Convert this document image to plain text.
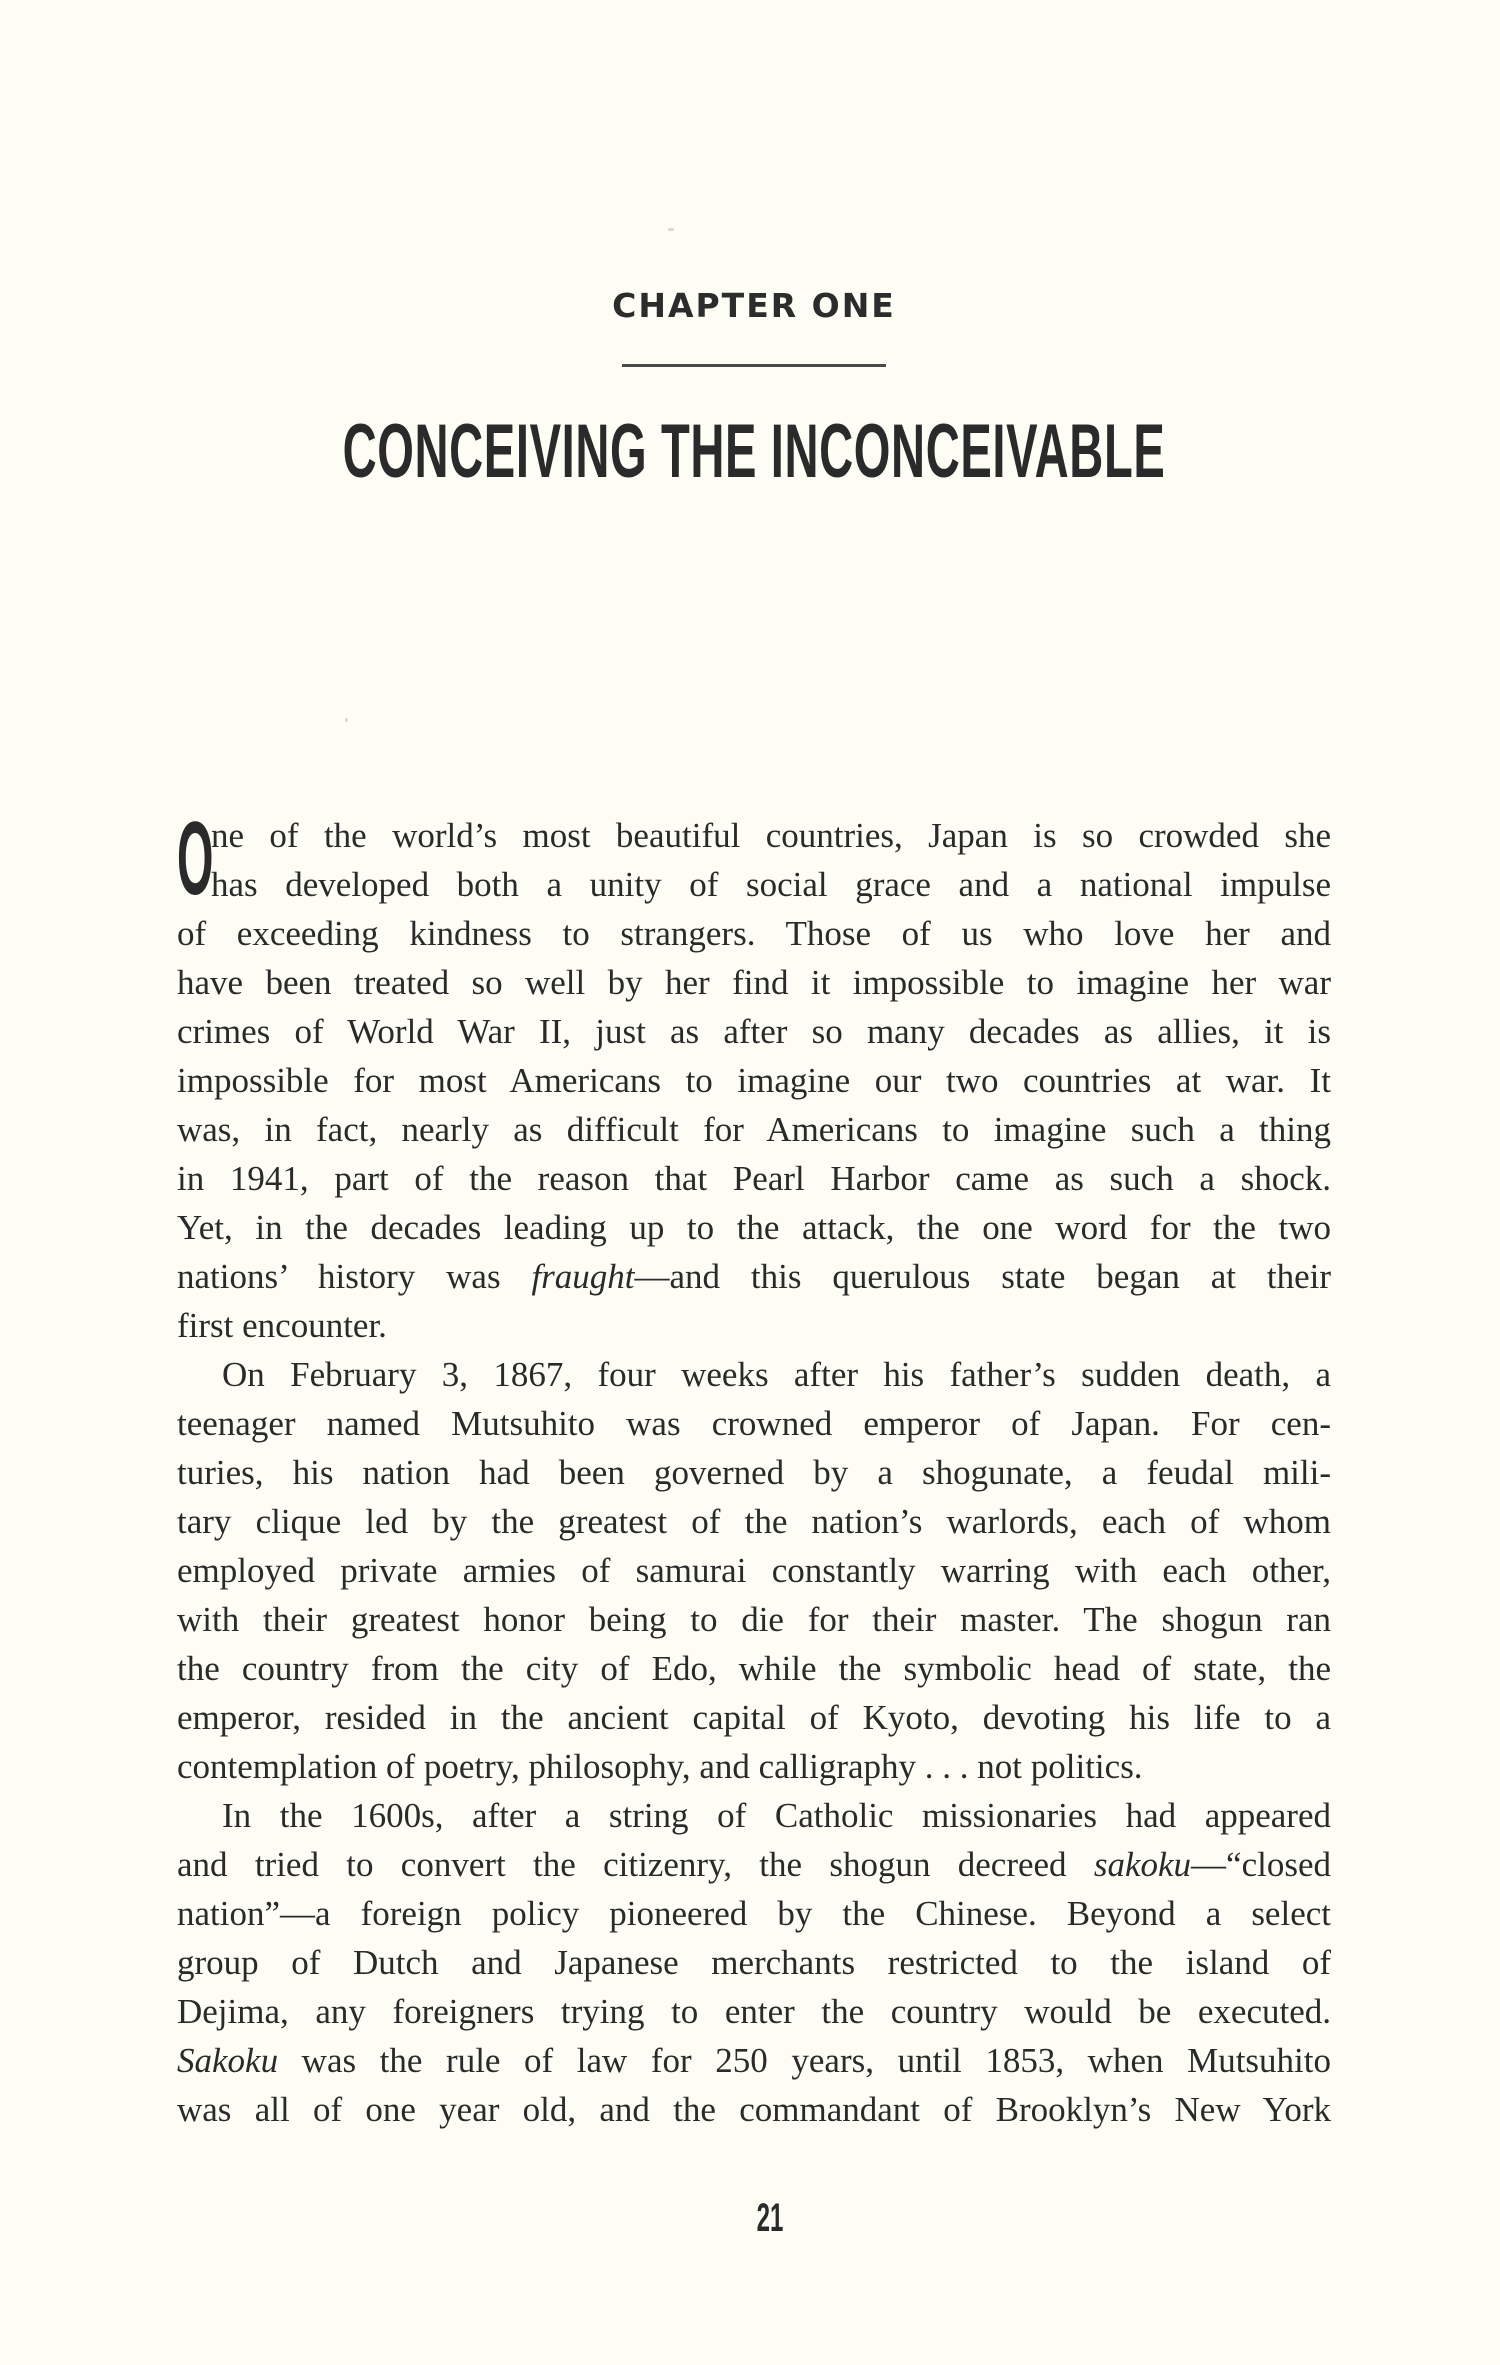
CHAPTER ONE
CONCEIVING THE INCONCEIVABLE
O
ne of the world’s most beautiful countries, Japan is so crowded she
has developed both a unity of social grace and a national impulse
of exceeding kindness to strangers. Those of us who love her and
have been treated so well by her find it impossible to imagine her war
crimes of World War II, just as after so many decades as allies, it is
impossible for most Americans to imagine our two countries at war. It
was, in fact, nearly as difficult for Americans to imagine such a thing
in 1941, part of the reason that Pearl Harbor came as such a shock.
Yet, in the decades leading up to the attack, the one word for the two
nations’ history was fraught—and this querulous state began at their
first encounter.
On February 3, 1867, four weeks after his father’s sudden death, a
teenager named Mutsuhito was crowned emperor of Japan. For cen-
turies, his nation had been governed by a shogunate, a feudal mili-
tary clique led by the greatest of the nation’s warlords, each of whom
employed private armies of samurai constantly warring with each other,
with their greatest honor being to die for their master. The shogun ran
the country from the city of Edo, while the symbolic head of state, the
emperor, resided in the ancient capital of Kyoto, devoting his life to a
contemplation of poetry, philosophy, and calligraphy . . . not politics.
In the 1600s, after a string of Catholic missionaries had appeared
and tried to convert the citizenry, the shogun decreed sakoku—“closed
nation”—a foreign policy pioneered by the Chinese. Beyond a select
group of Dutch and Japanese merchants restricted to the island of
Dejima, any foreigners trying to enter the country would be executed.
Sakoku was the rule of law for 250 years, until 1853, when Mutsuhito
was all of one year old, and the commandant of Brooklyn’s New York
21
